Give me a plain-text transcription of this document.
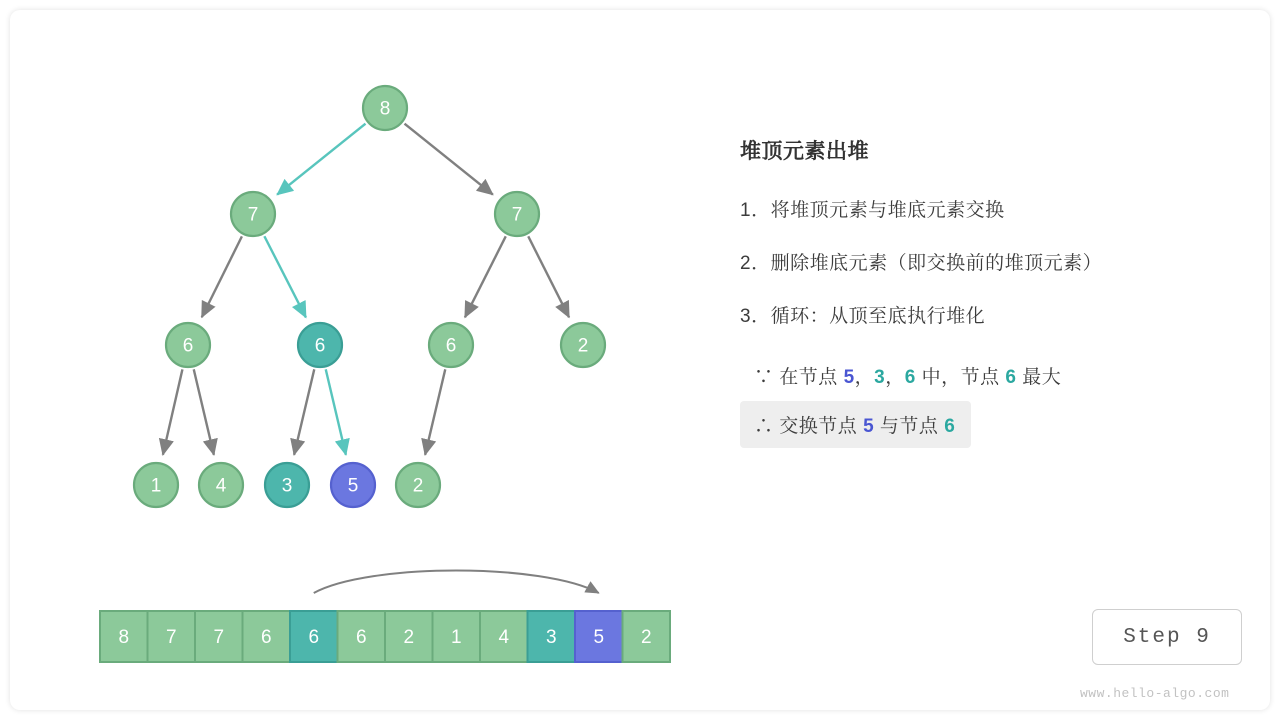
8
7	7
6	6	6	2
1	4	3	5	2
8 7 7 6 6 6 2 1 4 3 5 2
堆顶元素出堆
1．将堆顶元素与堆底元素交换
2．删除堆底元素（即交换前的堆顶元素）
3．循环：从顶至底执行堆化
∵ 在节点 5，3，6 中，节点 6 最大
∴ 交换节点 5 与节点 6
Step 9
www.hello-algo.com
